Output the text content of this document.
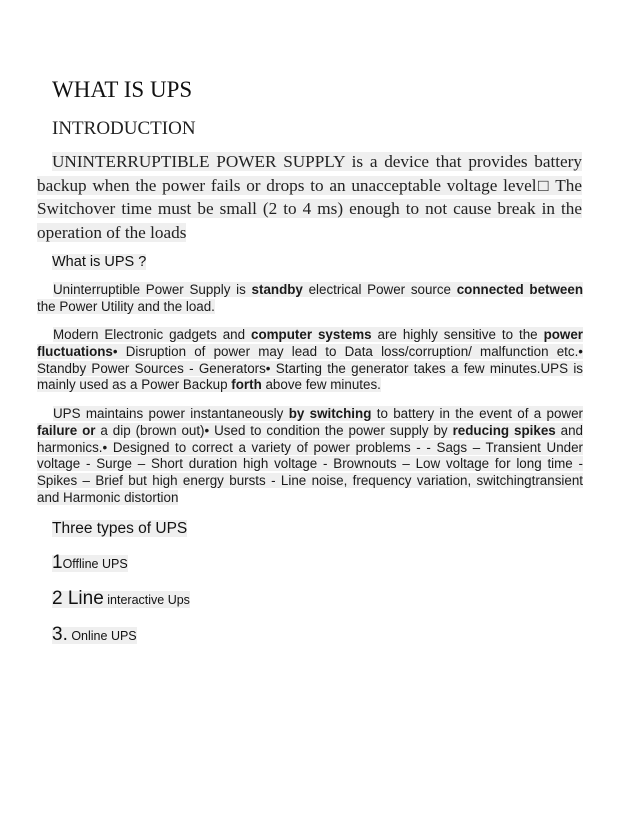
WHAT IS UPS
INTRODUCTION
UNINTERRUPTIBLE POWER SUPPLY is a device that provides battery backup when the power fails or drops to an unacceptable voltage level□ The Switchover time must be small (2 to 4 ms) enough to not cause break in the operation of the loads
What is UPS ?
Uninterruptible Power Supply is standby electrical Power source connected between the Power Utility and the load.
Modern Electronic gadgets and computer systems are highly sensitive to the power fluctuations• Disruption of power may lead to Data loss/corruption/ malfunction etc.• Standby Power Sources - Generators• Starting the generator takes a few minutes.UPS is mainly used as a Power Backup forth above few minutes.
UPS maintains power instantaneously by switching to battery in the event of a power failure or a dip (brown out)• Used to condition the power supply by reducing spikes and harmonics.• Designed to correct a variety of power problems - - Sags – Transient Under voltage - Surge – Short duration high voltage - Brownouts – Low voltage for long time - Spikes – Brief but high energy bursts - Line noise, frequency variation, switchingtransient and Harmonic distortion
Three types of UPS
1Offline UPS
2 Line interactive Ups
3. Online UPS
